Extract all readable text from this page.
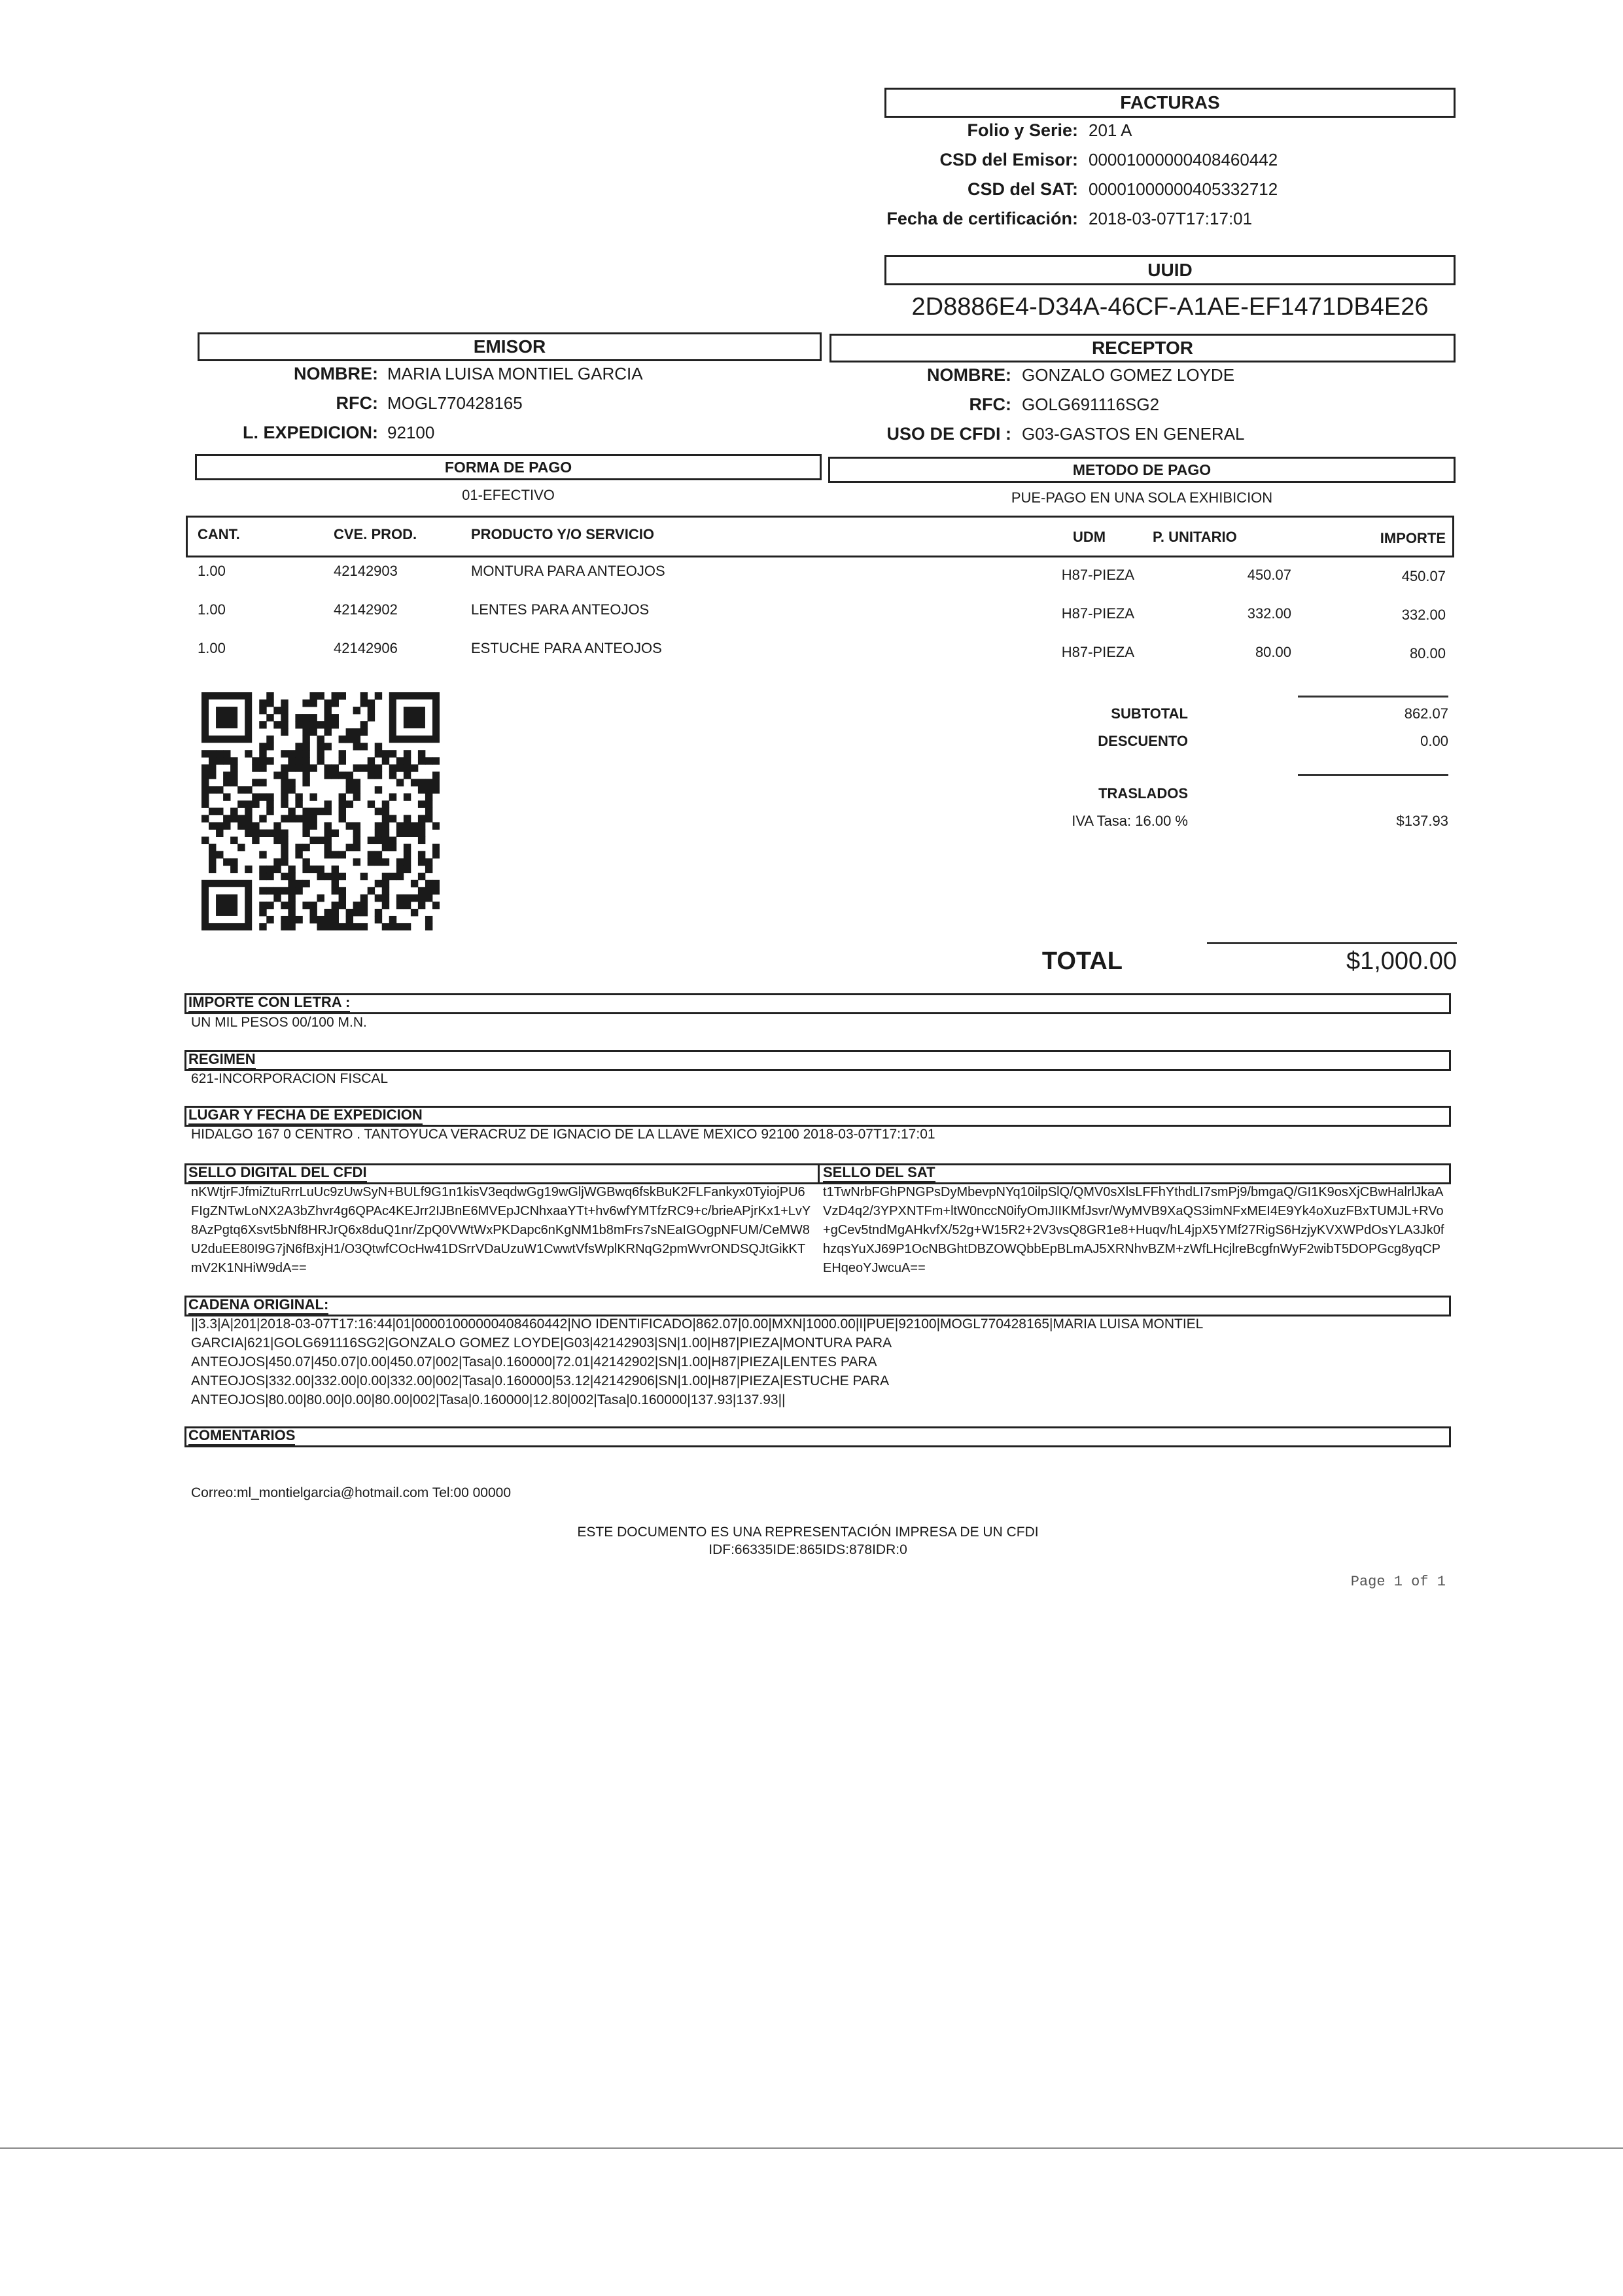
FACTURAS
Folio y Serie: 201 A
CSD del Emisor: 00001000000408460442
CSD del SAT: 00001000000405332712
Fecha de certificación: 2018-03-07T17:17:01
UUID
2D8886E4-D34A-46CF-A1AE-EF1471DB4E26
EMISOR	RECEPTOR
NOMBRE: MARIA LUISA MONTIEL GARCIA
RFC: MOGL770428165
L. EXPEDICION: 92100
NOMBRE: GONZALO GOMEZ LOYDE
RFC: GOLG691116SG2
USO DE CFDI : G03-GASTOS EN GENERAL
FORMA DE PAGO
01-EFECTIVO
METODO DE PAGO
PUE-PAGO EN UNA SOLA EXHIBICION
CANT.	CVE. PROD.	PRODUCTO Y/O SERVICIO	UDM	P. UNITARIO	IMPORTE
1.00	42142903	MONTURA PARA ANTEOJOS	H87-PIEZA	450.07	450.07
1.00	42142902	LENTES PARA ANTEOJOS	H87-PIEZA	332.00	332.00
1.00	42142906	ESTUCHE PARA ANTEOJOS	H87-PIEZA	80.00	80.00
SUBTOTAL	862.07
DESCUENTO	0.00
TRASLADOS
IVA Tasa: 16.00 %	$137.93
TOTAL	$1,000.00
IMPORTE CON LETRA :
UN MIL PESOS 00/100 M.N.
REGIMEN
621-INCORPORACION FISCAL
LUGAR Y FECHA DE EXPEDICION
HIDALGO 167 0 CENTRO . TANTOYUCA VERACRUZ DE IGNACIO DE LA LLAVE MEXICO 92100 2018-03-07T17:17:01
SELLO DIGITAL DEL CFDI	SELLO DEL SAT
nKWtjrFJfmiZtuRrrLuUc9zUwSyN+BULf9G1n1kisV3eqdwGg19wGljWGBwq6fskBuK2FLFankyx0TyiojPU6FIgZNTwLoNX2A3bZhvr4g6QPAc4KEJrr2IJBnE6MVEpJCNhxaaYTt+hv6wfYMTfzRC9+c/brieAPjrKx1+LvY8AzPgtq6Xsvt5bNf8HRJrQ6x8duQ1nr/ZpQ0VWtWxPKDapc6nKgNM1b8mFrs7sNEaIGOgpNFUM/CeMW8U2duEE80I9G7jN6fBxjH1/O3QtwfCOcHw41DSrrVDaUzuW1CwwtVfsWplKRNqG2pmWvrONDSQJtGikKTmV2K1NHiW9dA==
t1TwNrbFGhPNGPsDyMbevpNYq10ilpSlQ/QMV0sXlsLFFhYthdLI7smPj9/bmgaQ/GI1K9osXjCBwHalrlJkaAVzD4q2/3YPXNTFm+ltW0nccN0ifyOmJIIKMfJsvr/WyMVB9XaQS3imNFxMEI4E9Yk4oXuzFBxTUMJL+RVo+gCev5tndMgAHkvfX/52g+W15R2+2V3vsQ8GR1e8+Huqv/hL4jpX5YMf27RigS6HzjyKVXWPdOsYLA3Jk0fhzqsYuXJ69P1OcNBGhtDBZOWQbbEpBLmAJ5XRNhvBZM+zWfLHcjlreBcgfnWyF2wibT5DOPGcg8yqCPEHqeoYJwcuA==
CADENA ORIGINAL:
||3.3|A|201|2018-03-07T17:16:44|01|00001000000408460442|NO IDENTIFICADO|862.07|0.00|MXN|1000.00|I|PUE|92100|MOGL770428165|MARIA LUISA MONTIEL
GARCIA|621|GOLG691116SG2|GONZALO GOMEZ LOYDE|G03|42142903|SN|1.00|H87|PIEZA|MONTURA PARA
ANTEOJOS|450.07|450.07|0.00|450.07|002|Tasa|0.160000|72.01|42142902|SN|1.00|H87|PIEZA|LENTES PARA
ANTEOJOS|332.00|332.00|0.00|332.00|002|Tasa|0.160000|53.12|42142906|SN|1.00|H87|PIEZA|ESTUCHE PARA
ANTEOJOS|80.00|80.00|0.00|80.00|002|Tasa|0.160000|12.80|002|Tasa|0.160000|137.93|137.93||
COMENTARIOS
Correo:ml_montielgarcia@hotmail.com Tel:00 00000
ESTE DOCUMENTO ES UNA REPRESENTACIÓN IMPRESA DE UN CFDI
IDF:66335IDE:865IDS:878IDR:0
Page 1 of 1
